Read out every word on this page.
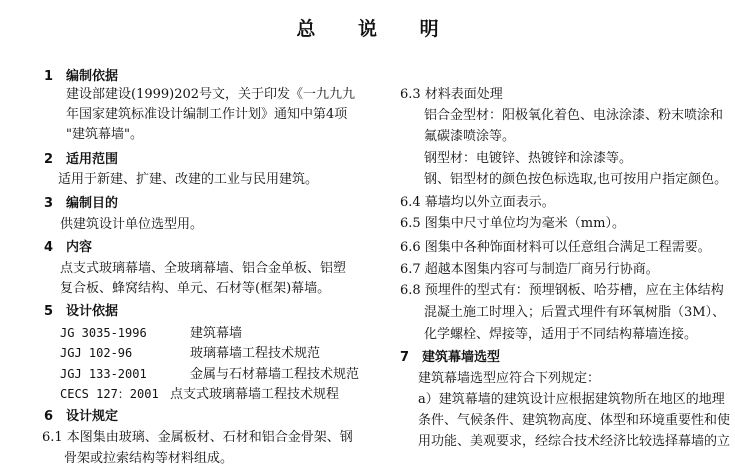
总 说 明
1 编制依据
建设部建设(1999)202号文，关于印发《一九九九
年国家建筑标准设计编制工作计划》通知中第4项
"建筑幕墙"。
2 适用范围
适用于新建、扩建、改建的工业与民用建筑。
3 编制目的
供建筑设计单位选型用。
4 内容
点支式玻璃幕墙、全玻璃幕墙、铝合金单板、铝塑
复合板、蜂窝结构、单元、石材等(框架)幕墙。
5 设计依据
JG 3035-1996	建筑幕墙
JGJ 102-96	玻璃幕墙工程技术规范
JGJ 133-2001	金属与石材幕墙工程技术规范
CECS 127：2001 点支式玻璃幕墙工程技术规程
6 设计规定
6.1 本图集由玻璃、金属板材、石材和铝合金骨架、钢
骨架或拉索结构等材料组成。
6.3 材料表面处理
铝合金型材：阳极氧化着色、电泳涂漆、粉末喷涂和
氟碳漆喷涂等。
钢型材：电镀锌、热镀锌和涂漆等。
钢、铝型材的颜色按色标选取,也可按用户指定颜色。
6.4 幕墙均以外立面表示。
6.5 图集中尺寸单位均为毫米（mm）。
6.6 图集中各种饰面材料可以任意组合满足工程需要。
6.7 超越本图集内容可与制造厂商另行协商。
6.8 预埋件的型式有：预埋钢板、哈芬槽，应在主体结构
混凝土施工时埋入；后置式埋件有环氧树脂（3M）、
化学螺栓、焊接等，适用于不同结构幕墙连接。
7 建筑幕墙选型
建筑幕墙选型应符合下列规定：
a）建筑幕墙的建筑设计应根据建筑物所在地区的地理
条件、气候条件、建筑物高度、体型和环境重要性和使
用功能、美观要求，经综合技术经济比较选择幕墙的立
